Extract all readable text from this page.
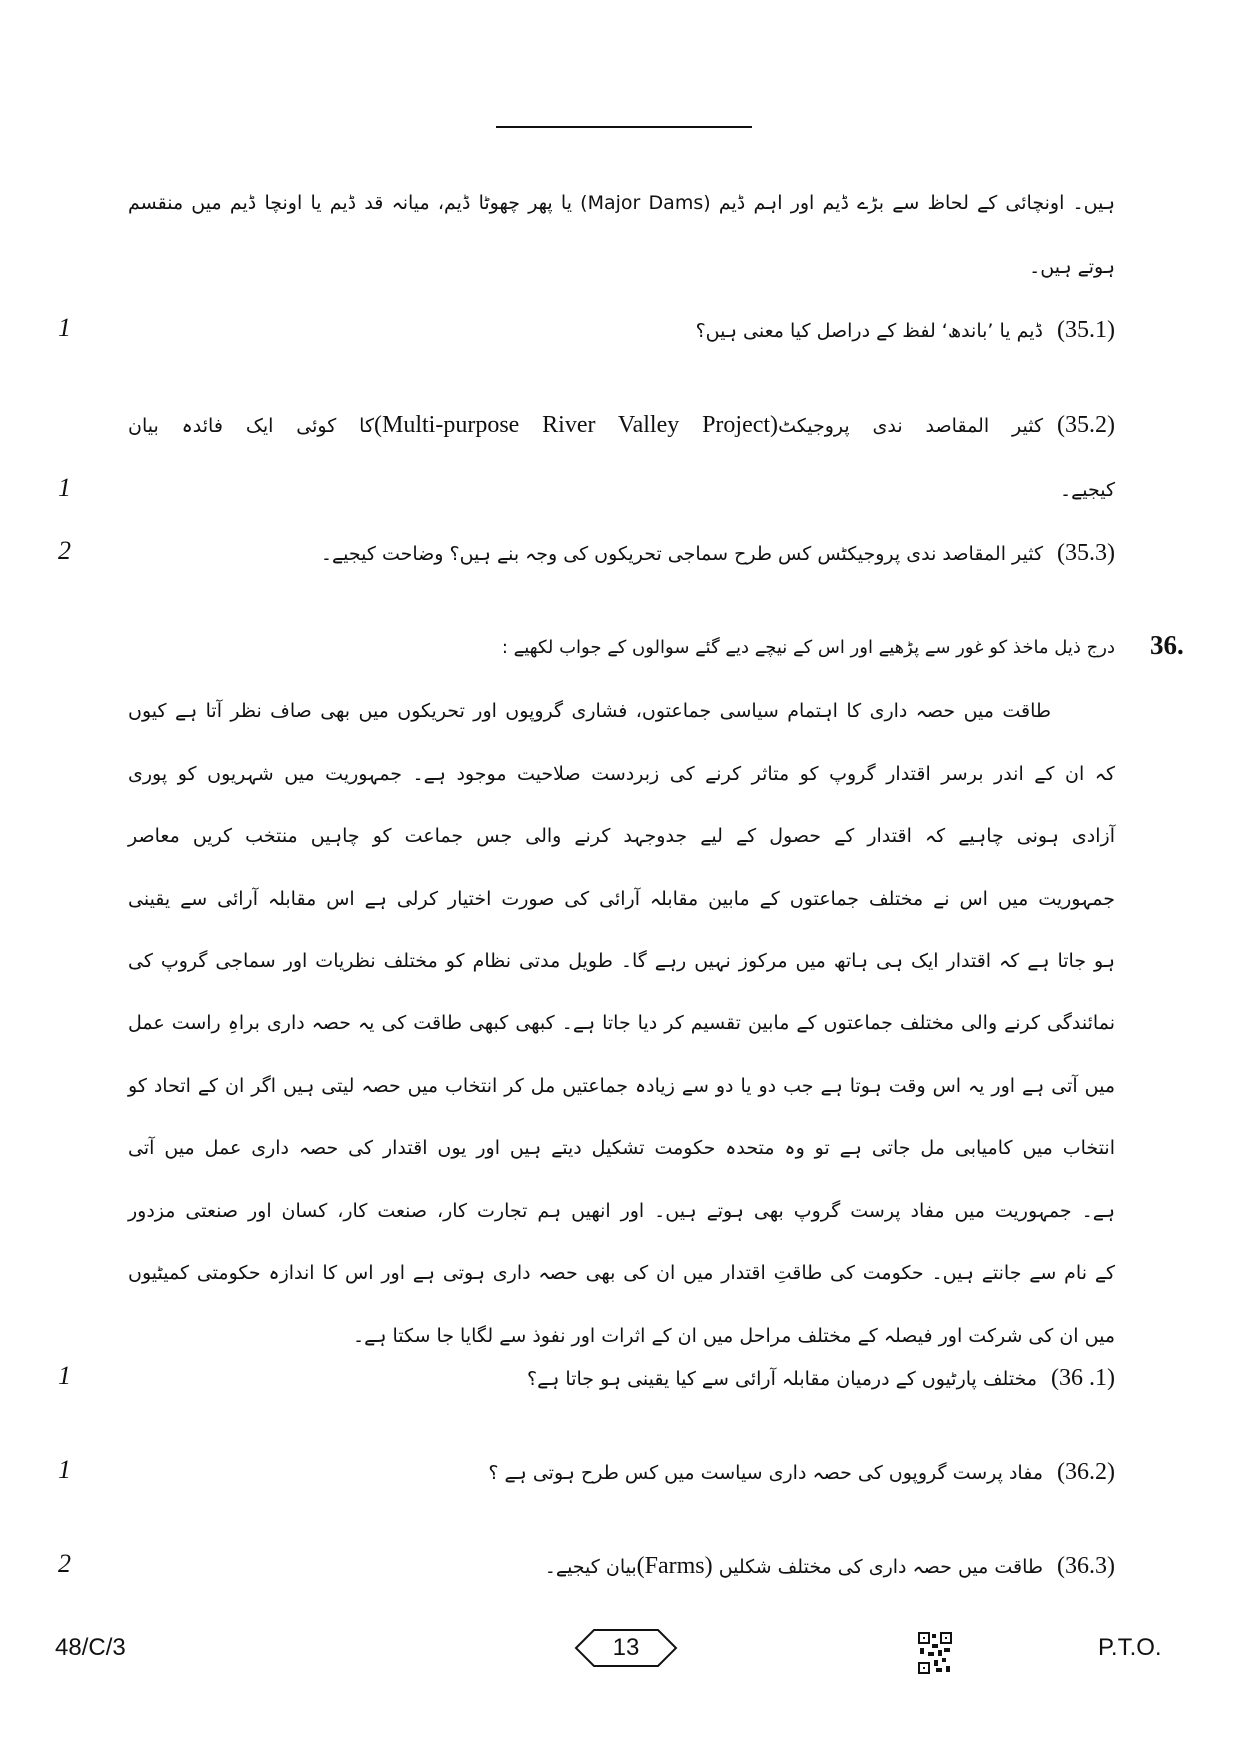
ہیں۔ اونچائی کے لحاظ سے بڑے ڈیم اور اہم ڈیم (Major Dams) یا پھر چھوٹا ڈیم، میانہ قد ڈیم یا اونچا ڈیم میں منقسم
ہوتے ہیں۔
(35.1)ڈیم یا ’باندھ‘ لفظ کے دراصل کیا معنی ہیں؟
1
(35.2)کثیر المقاصد ندی پروجیکٹ(Multi-purpose River Valley Project)کا کوئی ایک فائدہ بیان
کیجیے۔
1
(35.3)کثیر المقاصد ندی پروجیکٹس کس طرح سماجی تحریکوں کی وجہ بنے ہیں؟ وضاحت کیجیے۔
2
36.
درج ذیل ماخذ کو غور سے پڑھیے اور اس کے نیچے دیے گئے سوالوں کے جواب لکھیے :
طاقت میں حصہ داری کا اہتمام سیاسی جماعتوں، فشاری گروپوں اور تحریکوں میں بھی صاف نظر آتا ہے کیوں
کہ ان کے اندر برسر اقتدار گروپ کو متاثر کرنے کی زبردست صلاحیت موجود ہے۔ جمہوریت میں شہریوں کو پوری
آزادی ہونی چاہیے کہ اقتدار کے حصول کے لیے جدوجہد کرنے والی جس جماعت کو چاہیں منتخب کریں معاصر
جمہوریت میں اس نے مختلف جماعتوں کے مابین مقابلہ آرائی کی صورت اختیار کرلی ہے اس مقابلہ آرائی سے یقینی
ہو جاتا ہے کہ اقتدار ایک ہی ہاتھ میں مرکوز نہیں رہے گا۔ طویل مدتی نظام کو مختلف نظریات اور سماجی گروپ کی
نمائندگی کرنے والی مختلف جماعتوں کے مابین تقسیم کر دیا جاتا ہے۔ کبھی کبھی طاقت کی یہ حصہ داری براہِ راست عمل
میں آتی ہے اور یہ اس وقت ہوتا ہے جب دو یا دو سے زیادہ جماعتیں مل کر انتخاب میں حصہ لیتی ہیں اگر ان کے اتحاد کو
انتخاب میں کامیابی مل جاتی ہے تو وہ متحدہ حکومت تشکیل دیتے ہیں اور یوں اقتدار کی حصہ داری عمل میں آتی
ہے۔ جمہوریت میں مفاد پرست گروپ بھی ہوتے ہیں۔ اور انھیں ہم تجارت کار، صنعت کار، کسان اور صنعتی مزدور
کے نام سے جانتے ہیں۔ حکومت کی طاقتِ اقتدار میں ان کی بھی حصہ داری ہوتی ہے اور اس کا اندازہ حکومتی کمیٹیوں
میں ان کی شرکت اور فیصلہ کے مختلف مراحل میں ان کے اثرات اور نفوذ سے لگایا جا سکتا ہے۔
(36 .1)مختلف پارٹیوں کے درمیان مقابلہ آرائی سے کیا یقینی ہو جاتا ہے؟
1
(36.2)مفاد پرست گروپوں کی حصہ داری سیاست میں کس طرح ہوتی ہے ؟
1
(36.3)طاقت میں حصہ داری کی مختلف شکلیں (Farms)بیان کیجیے۔
2
48/C/3	13	P.T.O.
